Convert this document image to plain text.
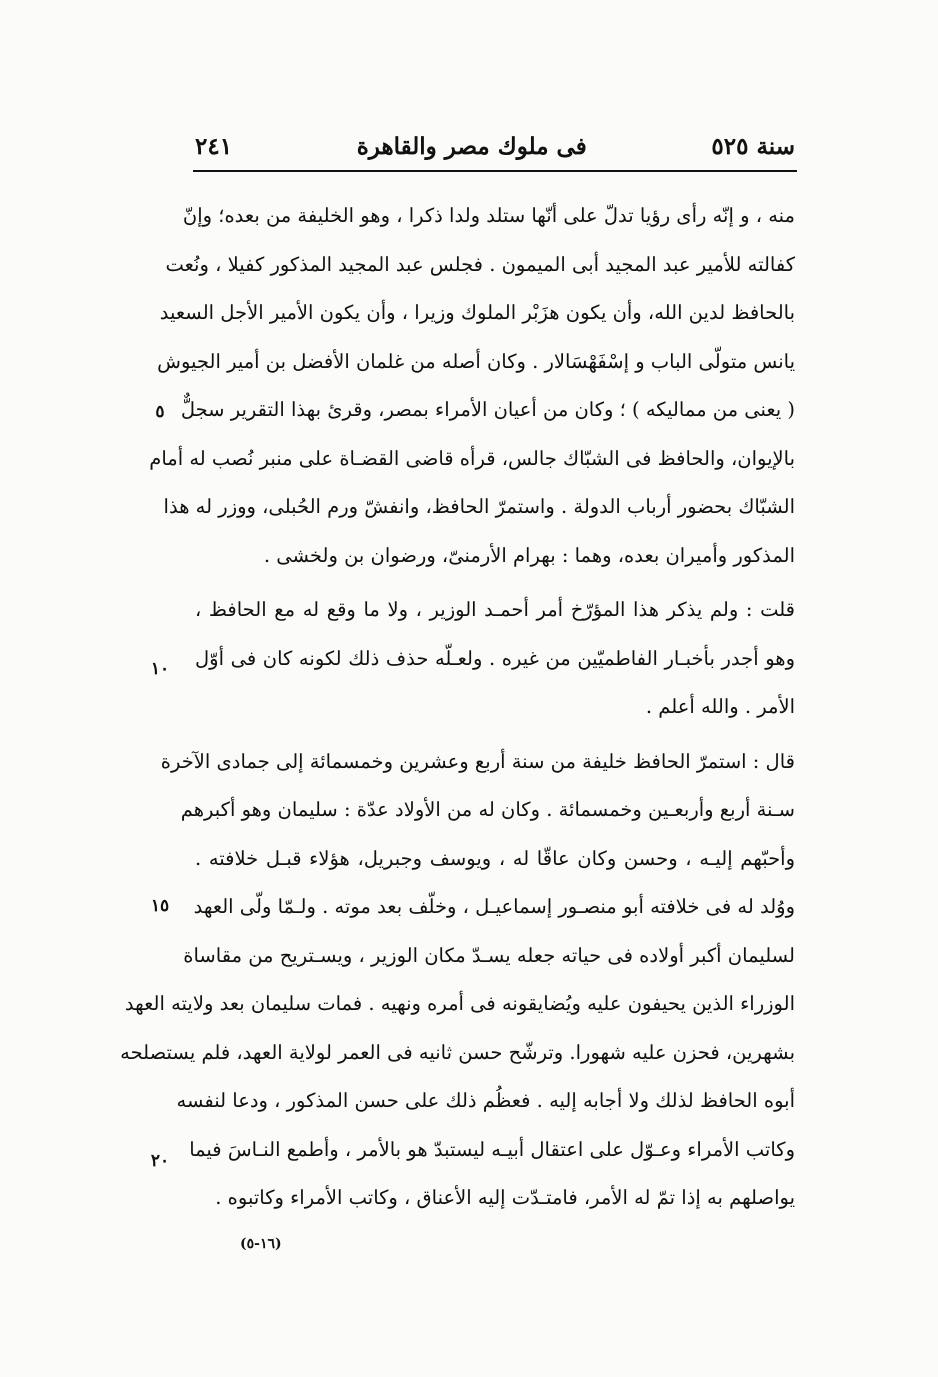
سنة ٥٢٥
فى ملوك مصر والقاهرة
٢٤١
منه ، و إنّه رأى رؤيا تدلّ على أنّها ستلد ولدا ذكرا ، وهو الخليفة من بعده؛ وإنّ
كفالته للأمير عبد المجيد أبى الميمون . فجلس عبد المجيد المذكور كفيلا ، ونُعت
بالحافظ لدين الله، وأن يكون هزَبْر الملوك وزيرا ، وأن يكون الأمير الأجل السعيد
يانس متولّى الباب و إسْفَهْسَالار . وكان أصله من غلمان الأفضل بن أمير الجيوش
( يعنى من مماليكه ) ؛ وكان من أعيان الأمراء بمصر، وقرئ بهذا التقرير سجلٌّ
بالإيوان، والحافظ فى الشبّاك جالس، قرأه قاضى القضـاة على منبر نُصب له أمام
الشبّاك بحضور أرباب الدولة . واستمرّ الحافظ، وانفشّ ورم الحُبلى، ووزر له هذا
المذكور وأميران بعده، وهما : بهرام الأرمنىّ، ورضوان بن ولخشى .
قلت : ولم يذكر هذا المؤرّخ أمر أحمـد الوزير ، ولا ما وقع له مع الحافظ ،
وهو أجدر بأخبـار الفاطميّين من غيره . ولعـلّه حذف ذلك لكونه كان فى أوّل
الأمر . والله أعلم .
قال : استمرّ الحافظ خليفة من سنة أربع وعشرين وخمسمائة إلى جمادى الآخرة
سـنة أربع وأربعـين وخمسمائة . وكان له من الأولاد عدّة : سليمان وهو أكبرهم
وأحبّهم إليـه ، وحسن وكان عاقّا له ، ويوسف وجبريل، هؤلاء قبـل خلافته .
ووُلد له فى خلافته أبو منصـور إسماعيـل ، وخلّف بعد موته . ولـمّا ولّى العهد
لسليمان أكبر أولاده فى حياته جعله يسـدّ مكان الوزير ، ويسـتريح من مقاساة
الوزراء الذين يحيفون عليه ويُضايقونه فى أمره ونهيه . فمات سليمان بعد ولايته العهد
بشهرين، فحزن عليه شهورا. وترشّح حسن ثانيه فى العمر لولاية العهد، فلم يستصلحه
أبوه الحافظ لذلك ولا أجابه إليه . فعظُم ذلك على حسن المذكور ، ودعا لنفسه
وكاتب الأمراء وعـوّل على اعتقال أبيـه ليستبدّ هو بالأمر ، وأطمع النـاسَ فيما
يواصلهم به إذا تمّ له الأمر، فامتـدّت إليه الأعناق ، وكاتب الأمراء وكاتبوه .
٥
١٠
١٥
٢٠
(١٦-٥)
